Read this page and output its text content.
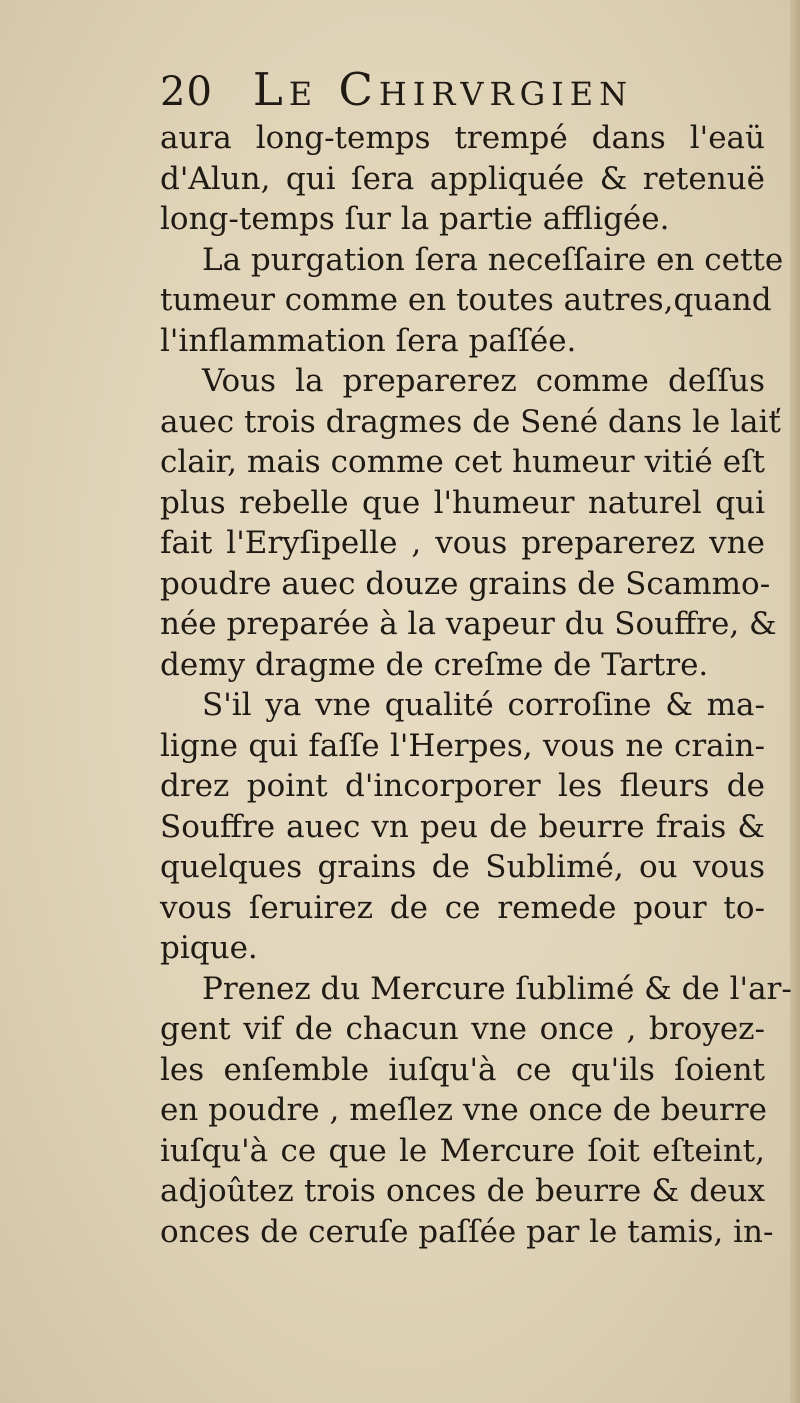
20 Le Chirvrgien
aura long-temps trempé dans l'eaü
d'Alun, qui ſera appliquée & retenuë
long-temps ſur la partie affligée.
La purgation ſera neceſſaire en cette
tumeur comme en toutes autres,quand
l'inflammation ſera paſſée.
Vous la preparerez comme deſſus
auec trois dragmes de Sené dans le laiť
clair, mais comme cet humeur vitié eſt
plus rebelle que l'humeur naturel qui
fait l'Eryſipelle , vous preparerez vne
poudre auec douze grains de Scammo-
née preparée à la vapeur du Souffre, &
demy dragme de creſme de Tartre.
S'il ya vne qualité corroſine & ma-
ligne qui faſſe l'Herpes, vous ne crain-
drez point d'incorporer les fleurs de
Souffre auec vn peu de beurre frais &
quelques grains de Sublimé, ou vous
vous ſeruirez de ce remede pour to-
pique.
Prenez du Mercure ſublimé & de l'ar-
gent vif de chacun vne once , broyez-
les enſemble iuſqu'à ce qu'ils ſoient
en poudre , meſlez vne once de beurre
iuſqu'à ce que le Mercure ſoit eſteint,
adjoûtez trois onces de beurre & deux
onces de ceruſe paſſée par le tamis, in-
